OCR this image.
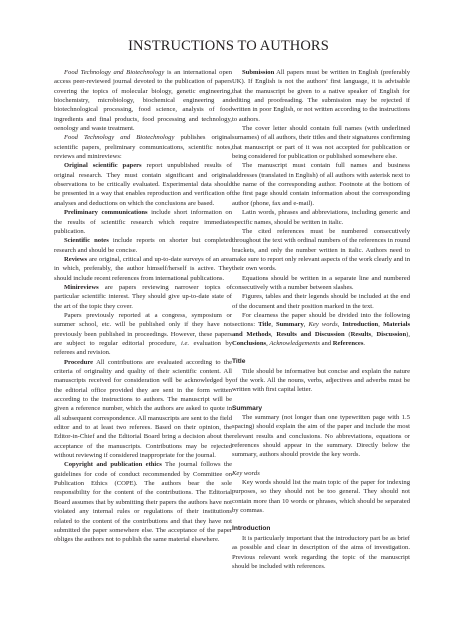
INSTRUCTIONS TO AUTHORS

Food Technology and Biotechnology is an international open access peer-reviewed journal devoted to the publication of papers covering the topics of molecular biology, genetic engineering, biochemistry, microbiology, biochemical engineering and biotechnological processing, food science, analysis of food ingredients and final products, food processing and technology, oenology and waste treatment.

Food Technology and Biotechnology publishes original scientific papers, preliminary communications, scientific notes, reviews and minireviews:

Original scientific papers report unpublished results of original research. They must contain significant and original observations to be critically evaluated. Experimental data should be presented in a way that enables reproduction and verification of analyses and deductions on which the conclusions are based.

Preliminary communications include short information on the results of scientific research which require immediate publication.

Scientific notes include reports on shorter but completed research and should be concise.

Reviews are original, critical and up-to-date surveys of an area in which, preferably, the author himself/herself is active. They should include recent references from international publications.

Minireviews are papers reviewing narrower topics of particular scientific interest. They should give up-to-date state of the art of the topic they cover.

Papers previously reported at a congress, symposium or summer school, etc. will be published only if they have not previously been published in proceedings. However, these papers are subject to regular editorial procedure, i.e. evaluation by referees and revision.

Procedure All contributions are evaluated according to the criteria of originality and quality of their scientific content. All manuscripts received for consideration will be acknowledged by the editorial office provided they are sent in the form written according to the instructions to authors. The manuscript will be given a reference number, which the authors are asked to quote in all subsequent correspondence. All manuscripts are sent to the field editor and to at least two referees. Based on their opinion, the Editor-in-Chief and the Editorial Board bring a decision about the acceptance of the manuscripts. Contributions may be rejected without reviewing if considered inappropriate for the journal.

Copyright and publication ethics The journal follows the guidelines for code of conduct recommended by Committee on Publication Ethics (COPE). The authors bear the sole responsibility for the content of the contributions. The Editorial Board assumes that by submitting their papers the authors have not violated any internal rules or regulations of their institutions related to the content of the contributions and that they have not submitted the paper somewhere else. The acceptance of the paper obliges the authors not to publish the same material elsewhere.

Submission All papers must be written in English (preferably UK). If English is not the authors' first language, it is advisable that the manuscript be given to a native speaker of English for editing and proofreading. The submission may be rejected if written in poor English, or not written according to the instructions to authors.

The cover letter should contain full names (with underlined surnames) of all authors, their titles and their signatures confirming that manuscript or part of it was not accepted for publication or being considered for publication or published somewhere else.

The manuscript must contain full names and business addresses (translated in English) of all authors with asterisk next to the name of the corresponding author. Footnote at the bottom of the first page should contain information about the corresponding author (phone, fax and e-mail).

Latin words, phrases and abbreviations, including generic and specific names, should be written in italic.

The cited references must be numbered consecutively throughout the text with ordinal numbers of the references in round brackets, and only the number written in italic. Authors need to make sure to report only relevant aspects of the work clearly and in their own words.

Equations should be written in a separate line and numbered consecutively with a number between slashes.

Figures, tables and their legends should be included at the end of the document and their position marked in the text.

For clearness the paper should be divided into the following sections: Title, Summary, Key words, Introduction, Materials and Methods, Results and Discussion (Results, Discussion), Conclusions, Acknowledgements and References.

Title

Title should be informative but concise and explain the nature of the work. All the nouns, verbs, adjectives and adverbs must be written with first capital letter.

Summary

The summary (not longer than one typewritten page with 1.5 spacing) should explain the aim of the paper and include the most relevant results and conclusions. No abbreviations, equations or references should appear in the summary. Directly below the summary, authors should provide the key words.

Key words

Key words should list the main topic of the paper for indexing purposes, so they should not be too general. They should not contain more than 10 words or phrases, which should be separated by commas.

Introduction

It is particularly important that the introductory part be as brief as possible and clear in description of the aims of investigation. Previous relevant work regarding the topic of the manuscript should be included with references.
